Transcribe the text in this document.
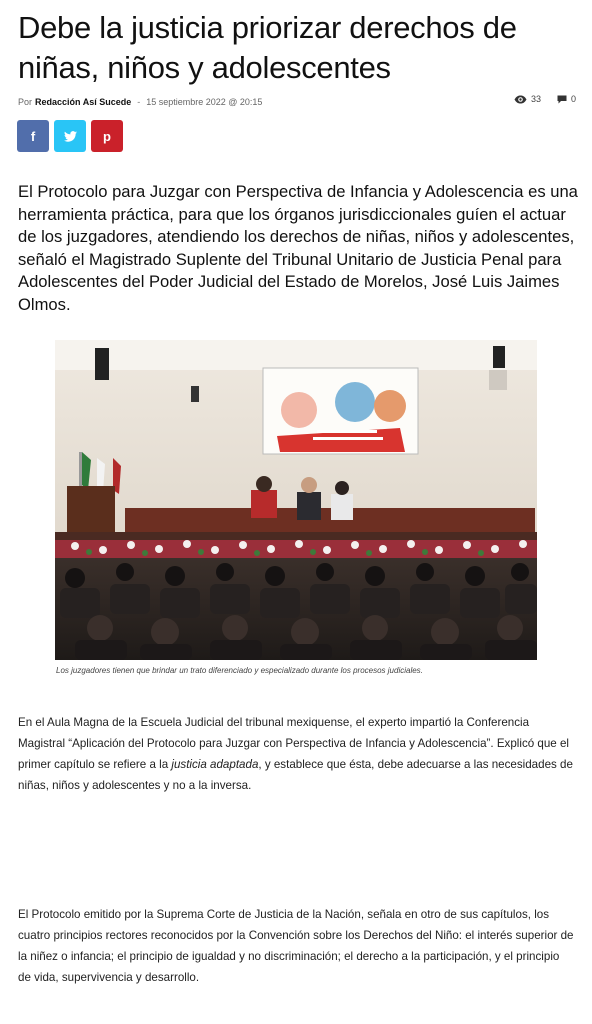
Debe la justicia priorizar derechos de niñas, niños y adolescentes
Por Redacción Así Sucede - 15 septiembre 2022 @ 20:15	33	0
f	p

El Protocolo para Juzgar con Perspectiva de Infancia y Adolescencia es una herramienta práctica, para que los órganos jurisdiccionales guíen el actuar de los juzgadores, atendiendo los derechos de niñas, niños y adolescentes, señaló el Magistrado Suplente del Tribunal Unitario de Justicia Penal para Adolescentes del Poder Judicial del Estado de Morelos, José Luis Jaimes Olmos.

Los juzgadores tienen que brindar un trato diferenciado y especializado durante los procesos judiciales.

En el Aula Magna de la Escuela Judicial del tribunal mexiquense, el experto impartió la Conferencia Magistral “Aplicación del Protocolo para Juzgar con Perspectiva de Infancia y Adolescencia”. Explicó que el primer capítulo se refiere a la justicia adaptada, y establece que ésta, debe adecuarse a las necesidades de niñas, niños y adolescentes y no a la inversa.

El Protocolo emitido por la Suprema Corte de Justicia de la Nación, señala en otro de sus capítulos, los cuatro principios rectores reconocidos por la Convención sobre los Derechos del Niño: el interés superior de la niñez o infancia; el principio de igualdad y no discriminación; el derecho a la participación, y el principio de vida, supervivencia y desarrollo.
